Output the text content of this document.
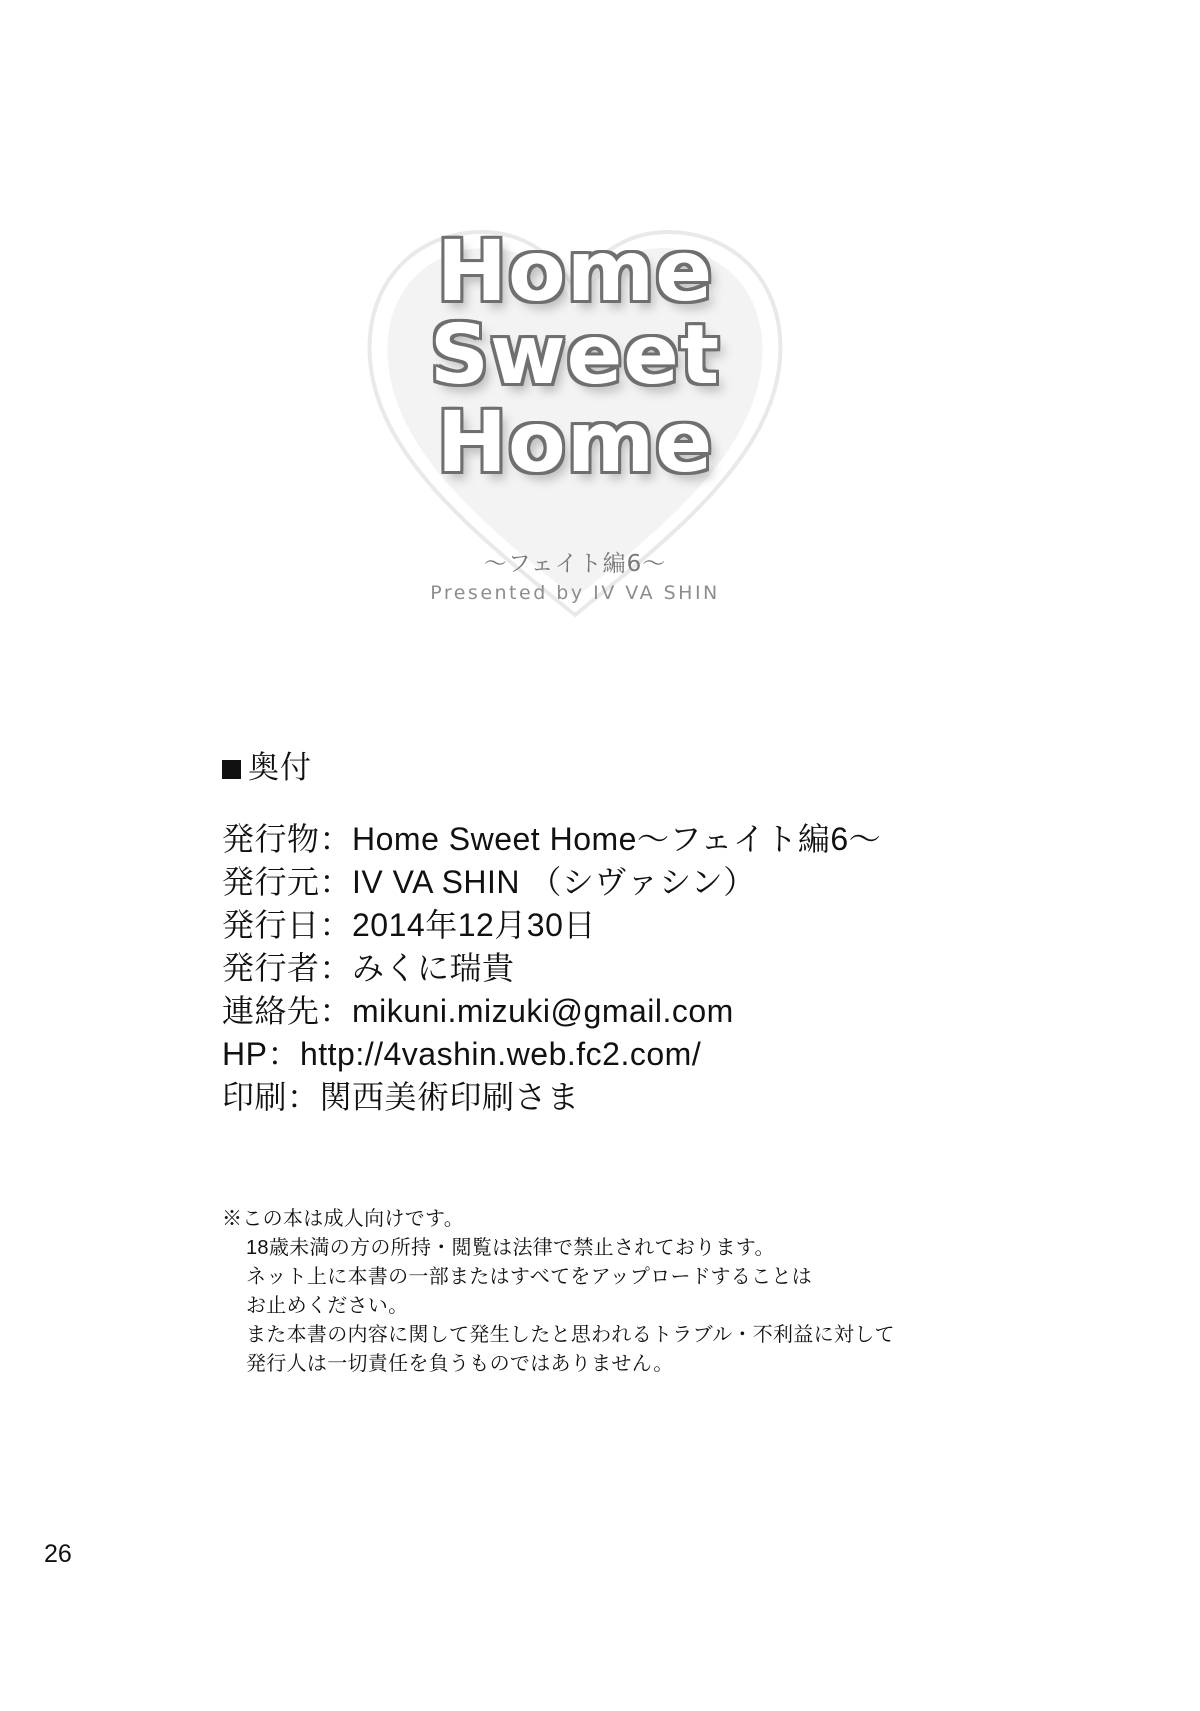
Home
Sweet
Home
〜フェイト編6〜
Presented by IV VA SHIN
奥付
発行物：Home Sweet Home〜フェイト編6〜
発行元：IV VA SHIN （シヴァシン）
発行日：2014年12月30日
発行者：みくに瑞貴
連絡先：mikuni.mizuki@gmail.com
HP：http://4vashin.web.fc2.com/
印刷：関西美術印刷さま

※この本は成人向けです。

18歳未満の方の所持・閲覧は法律で禁止されております。

ネット上に本書の一部またはすべてをアップロードすることは

お止めください。

また本書の内容に関して発生したと思われるトラブル・不利益に対して

発行人は一切責任を負うものではありません。

26
